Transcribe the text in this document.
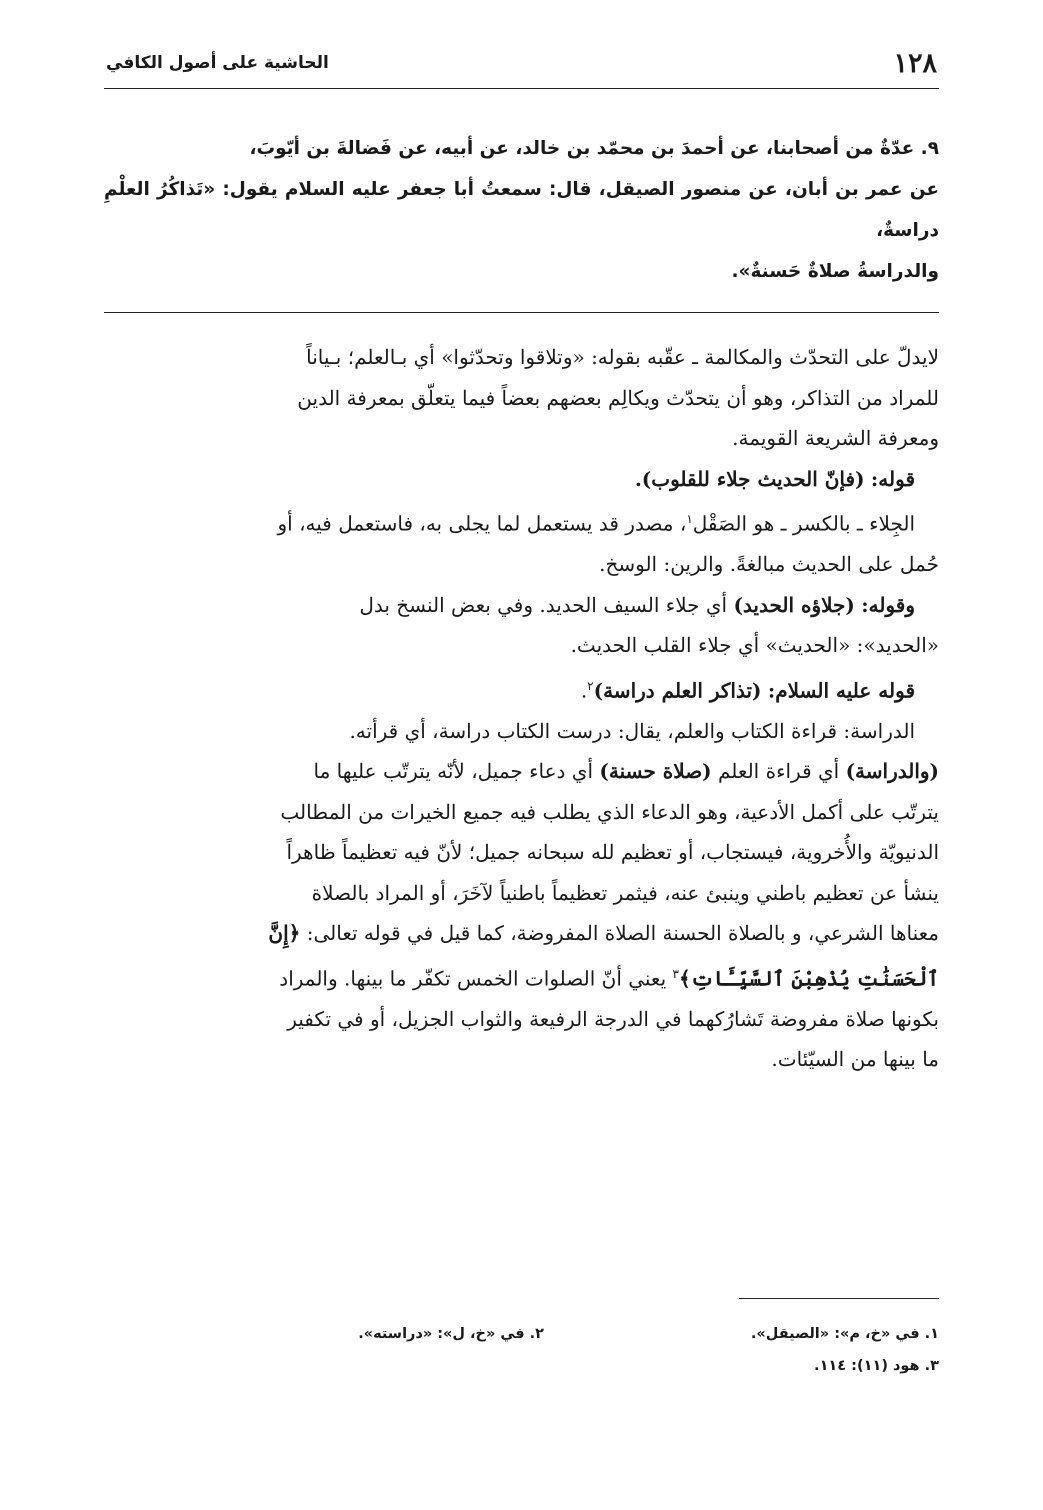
١٢٨
الحاشية على أصول الكافي

٩. عدّةٌ من أصحابنا، عن أحمدَ بن محمّد بن خالد، عن أبيه، عن فَضالةَ بن أيّوبَ،

عن عمر بن أبان، عن منصور الصيقل، قال: سمعتُ أبا جعفر عليه السلام يقول: «تَذاكُرُ العلْمِ دراسةٌ،

والدراسةُ صلاةٌ حَسنةٌ».

لايدلّ على التحدّث والمكالمة ـ عقّبه بقوله: «وتلاقوا وتحدّثوا» أي بـالعلم؛ بـياناً

للمراد من التذاكر، وهو أن يتحدّث ويكالِم بعضهم بعضاً فيما يتعلّق بمعرفة الدين

ومعرفة الشريعة القويمة.

قوله: (فإنّ الحديث جلاء للقلوب).

الجِلاء ـ بالكسر ـ هو الصَقْل$^١$، مصدر قد يستعمل لما يجلى به، فاستعمل فيه، أو

حُمل على الحديث مبالغةً. والرين: الوسخ.

وقوله: (جلاؤه الحديد) أي جلاء السيف الحديد. وفي بعض النسخ بدل

«الحديد»: «الحديث» أي جلاء القلب الحديث.

قوله عليه السلام: (تذاكر العلم دراسة)$^٢$.

الدراسة: قراءة الكتاب والعلم، يقال: درست الكتاب دراسة، أي قرأته.

(والدراسة) أي قراءة العلم (صلاة حسنة) أي دعاء جميل، لأنّه يترتّب عليها ما

يترتّب على أكمل الأدعية، وهو الدعاء الذي يطلب فيه جميع الخيرات من المطالب

الدنيويّة والأُخروية، فيستجاب، أو تعظيم لله سبحانه جميل؛ لأنّ فيه تعظيماً ظاهراً

ينشأ عن تعظيم باطني وينبئ عنه، فيثمر تعظيماً باطنياً لآخَرَ، أو المراد بالصلاة

معناها الشرعي، و بالصلاة الحسنة الصلاة المفروضة، كما قيل في قوله تعالى: ﴿إِنَّ

ٱلْحَسَنَٰتِ يُذْهِبْنَ ٱلسَّيِّـَٔاتِ﴾$^٣$ يعني أنّ الصلوات الخمس تكفّر ما بينها. والمراد

بكونها صلاة مفروضة تَشارُكهما في الدرجة الرفيعة والثواب الجزيل، أو في تكفير

ما بينها من السيّئات.

١. في «خ، م»: «الصيقل».
٢. في «خ، ل»: «دراسته».
٣. هود (١١): ١١٤.
